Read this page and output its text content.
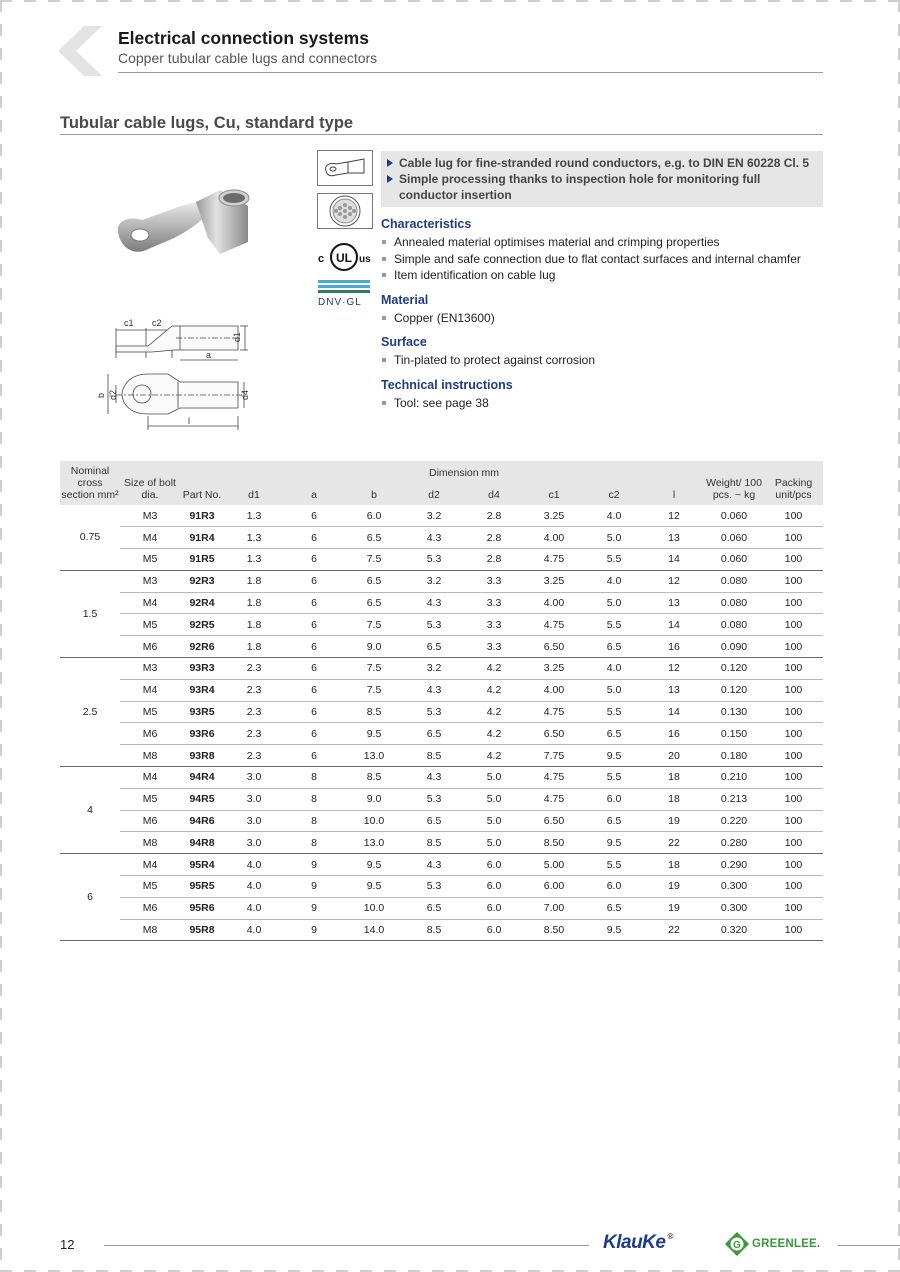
Electrical connection systems
Copper tubular cable lugs and connectors
Tubular cable lugs, Cu, standard type
c1 c2
d1
a
b d2	d4
l
c UL us
DNV·GL
Cable lug for fine-stranded round conductors, e.g. to DIN EN 60228 Cl. 5
Simple processing thanks to inspection hole for monitoring full conductor insertion
Characteristics
Annealed material optimises material and crimping properties
Simple and safe connection due to flat contact surfaces and internal chamfer
Item identification on cable lug
Material
Copper (EN13600)
Surface
Tin-plated to protect against corrosion
Technical instructions
Tool: see page 38
Nominal cross section mm²	Size of bolt dia.	Part No.	Dimension mm								Weight/ 100 pcs. ~ kg	Packing unit/pcs
			d1	a	b	d2	d4	c1	c2	l		
0.75	M3	91R3	1.3	6	6.0	3.2	2.8	3.25	4.0	12	0.060	100
	M4	91R4	1.3	6	6.5	4.3	2.8	4.00	5.0	13	0.060	100
	M5	91R5	1.3	6	7.5	5.3	2.8	4.75	5.5	14	0.060	100
1.5	M3	92R3	1.8	6	6.5	3.2	3.3	3.25	4.0	12	0.080	100
	M4	92R4	1.8	6	6.5	4.3	3.3	4.00	5.0	13	0.080	100
	M5	92R5	1.8	6	7.5	5.3	3.3	4.75	5.5	14	0.080	100
	M6	92R6	1.8	6	9.0	6.5	3.3	6.50	6.5	16	0.090	100
2.5	M3	93R3	2.3	6	7.5	3.2	4.2	3.25	4.0	12	0.120	100
	M4	93R4	2.3	6	7.5	4.3	4.2	4.00	5.0	13	0.120	100
	M5	93R5	2.3	6	8.5	5.3	4.2	4.75	5.5	14	0.130	100
	M6	93R6	2.3	6	9.5	6.5	4.2	6.50	6.5	16	0.150	100
	M8	93R8	2.3	6	13.0	8.5	4.2	7.75	9.5	20	0.180	100
4	M4	94R4	3.0	8	8.5	4.3	5.0	4.75	5.5	18	0.210	100
	M5	94R5	3.0	8	9.0	5.3	5.0	4.75	6.0	18	0.213	100
	M6	94R6	3.0	8	10.0	6.5	5.0	6.50	6.5	19	0.220	100
	M8	94R8	3.0	8	13.0	8.5	5.0	8.50	9.5	22	0.280	100
6	M4	95R4	4.0	9	9.5	4.3	6.0	5.00	5.5	18	0.290	100
	M5	95R5	4.0	9	9.5	5.3	6.0	6.00	6.0	19	0.300	100
	M6	95R6	4.0	9	10.0	6.5	6.0	7.00	6.5	19	0.300	100
	M8	95R8	4.0	9	14.0	8.5	6.0	8.50	9.5	22	0.320	100
12	KlauKe ®
G GREENLEE.
